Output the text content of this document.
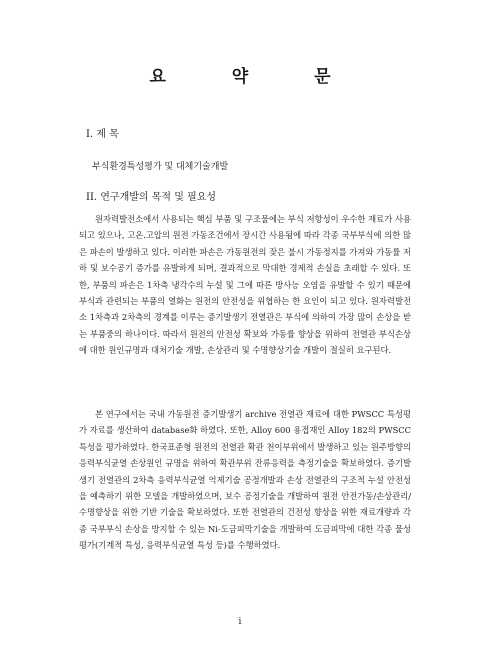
요 약 문
I. 제 목
부식환경특성평가 및 대체기술개발
II. 연구개발의 목적 및 필요성

원자력발전소에서 사용되는 핵심 부품 및 구조물에는 부식 저항성이 우수한 재료가 사용되고 있으나, 고온.고압의 원전 가동조건에서 장시간 사용됨에 따라 각종 국부부식에 의한 많은 파손이 발생하고 있다. 이러한 파손은 가동원전의 잦은 불시 가동정지를 가져와 가동률 저하 및 보수공기 증가를 유발하게 되며, 결과적으로 막대한 경제적 손실을 초래할 수 있다. 또한, 부품의 파손은 1차측 냉각수의 누설 및 그에 따른 방사능 오염을 유발할 수 있기 때문에 부식과 관련되는 부품의 열화는 원전의 안전성을 위협하는 한 요인이 되고 있다. 원자력발전소 1차측과 2차측의 경계를 이루는 증기발생기 전열관은 부식에 의하여 가장 많이 손상을 받는 부품중의 하나이다. 따라서 원전의 안전성 확보와 가동률 향상을 위하여 전열관 부식손상에 대한 원인규명과 대처기술 개발, 손상관리 및 수명향상기술 개발이 절실히 요구된다.

본 연구에서는 국내 가동원전 증기발생기 archive 전열관 재료에 대한 PWSCC 특성평가 자료를 생산하여 database화 하였다. 또한, Alloy 600 용접재인 Alloy 182의 PWSCC 특성을 평가하였다. 한국표준형 원전의 전열관 확관 천이부위에서 발생하고 있는 원주방향의 응력부식균열 손상원인 규명을 위하여 확관부위 잔류응력을 측정기술을 확보하였다. 증기발생기 전열관의 2차측 응력부식균열 억제기술 공정개발과 손상 전열관의 구조적 누설 안전성을 예측하기 위한 모델을 개발하였으며, 보수 공정기술을 개발하여 원전 안전가동/손상관리/수명향상을 위한 기반 기술을 확보하였다. 또한 전열관의 건전성 향상을 위한 재료개량과 각종 국부부식 손상을 방지할 수 있는 Ni-도금피막기술을 개발하여 도금피막에 대한 각종 물성평가(기계적 특성, 응력부식균열 특성 등)를 수행하였다.

i
